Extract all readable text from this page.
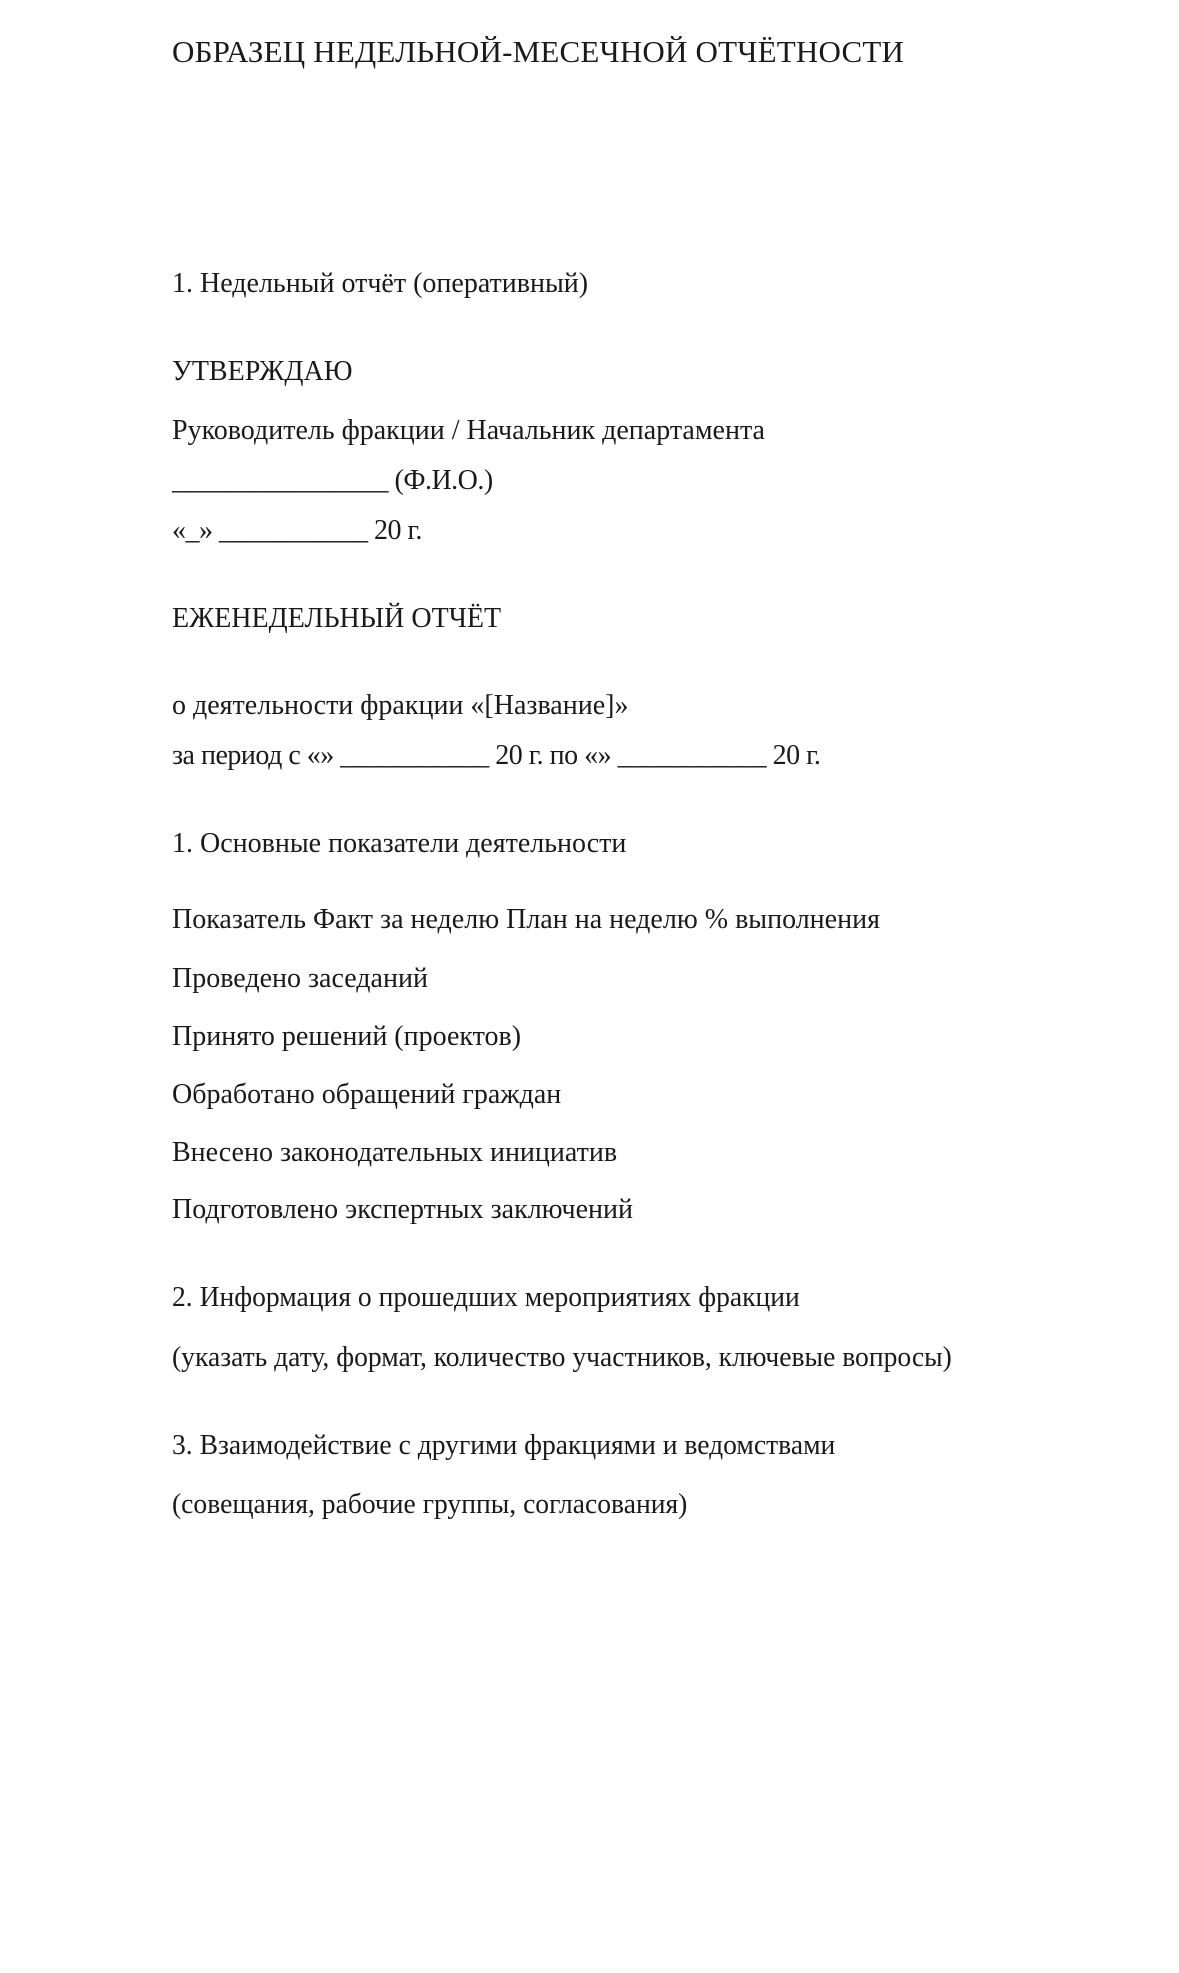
ОБРАЗЕЦ НЕДЕЛЬНОЙ-МЕСЕЧНОЙ ОТЧЁТНОСТИ

1. Недельный отчёт (оперативный)

УТВЕРЖДАЮ

Руководитель фракции / Начальник департамента

________________ (Ф.И.О.)

«_» ___________ 20 г.

ЕЖЕНЕДЕЛЬНЫЙ ОТЧЁТ

о деятельности фракции «[Название]»

за период с «» ___________ 20 г. по «» ___________ 20 г.

1. Основные показатели деятельности

Показатель Факт за неделю План на неделю % выполнения

Проведено заседаний

Принято решений (проектов)

Обработано обращений граждан

Внесено законодательных инициатив

Подготовлено экспертных заключений

2. Информация о прошедших мероприятиях фракции

(указать дату, формат, количество участников, ключевые вопросы)

3. Взаимодействие с другими фракциями и ведомствами

(совещания, рабочие группы, согласования)
